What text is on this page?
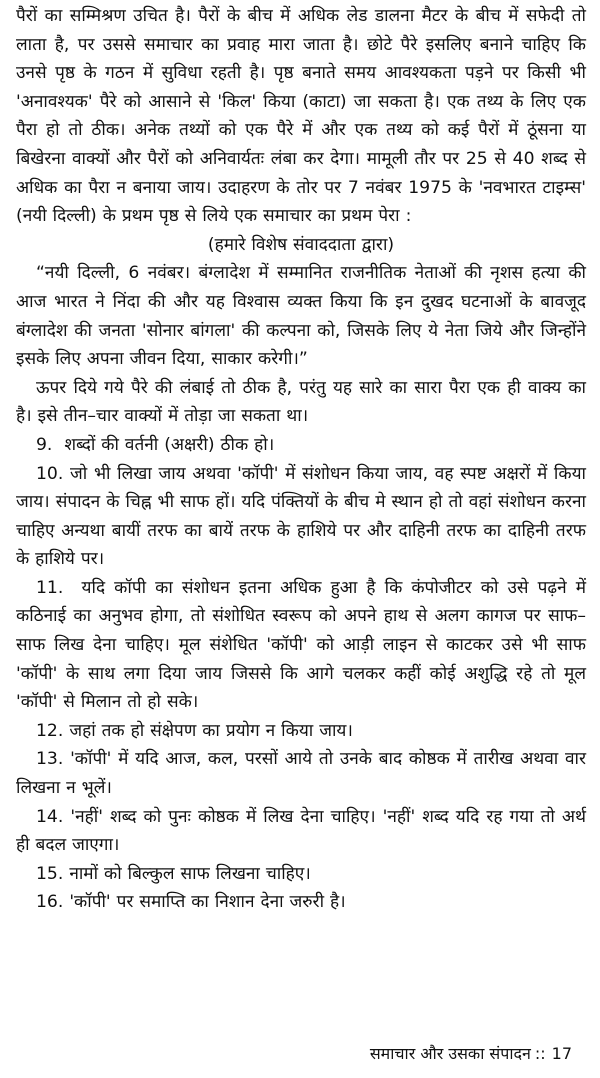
पैरों का सम्मिश्रण उचित है। पैरों के बीच में अधिक लेड डालना मैटर के बीच में सफेदी तो लाता है, पर उससे समाचार का प्रवाह मारा जाता है। छोटे पैरे इसलिए बनाने चाहिए कि उनसे पृष्ठ के गठन में सुविधा रहती है। पृष्ठ बनाते समय आवश्यकता पड़ने पर किसी भी 'अनावश्यक' पैरे को आसाने से 'किल' किया (काटा) जा सकता है। एक तथ्य के लिए एक पैरा हो तो ठीक। अनेक तथ्यों को एक पैरे में और एक तथ्य को कई पैरों में ठूंसना या बिखेरना वाक्यों और पैरों को अनिवार्यतः लंबा कर देगा। मामूली तौर पर 25 से 40 शब्द से अधिक का पैरा न बनाया जाय। उदाहरण के तोर पर 7 नवंबर 1975 के 'नवभारत टाइम्स' (नयी दिल्ली) के प्रथम पृष्ठ से लिये एक समाचार का प्रथम पेरा :

(हमारे विशेष संवाददाता द्वारा)

“नयी दिल्ली, 6 नवंबर। बंग्लादेश में सम्मानित राजनीतिक नेताओं की नृशस हत्या की आज भारत ने निंदा की और यह विश्वास व्यक्त किया कि इन दुखद घटनाओं के बावजूद बंग्लादेश की जनता 'सोनार बांगला' की कल्पना को, जिसके लिए ये नेता जिये और जिन्होंने इसके लिए अपना जीवन दिया, साकार करेगी।”

ऊपर दिये गये पैरे की लंबाई तो ठीक है, परंतु यह सारे का सारा पैरा एक ही वाक्य का है। इसे तीन–चार वाक्यों में तोड़ा जा सकता था।

9. शब्दों की वर्तनी (अक्षरी) ठीक हो।

10. जो भी लिखा जाय अथवा 'कॉपी' में संशोधन किया जाय, वह स्पष्ट अक्षरों में किया जाय। संपादन के चिह्न भी साफ हों। यदि पंक्तियों के बीच मे स्थान हो तो वहां संशोधन करना चाहिए अन्यथा बायीं तरफ का बायें तरफ के हाशिये पर और दाहिनी तरफ का दाहिनी तरफ के हाशिये पर।

11. यदि कॉपी का संशोधन इतना अधिक हुआ है कि कंपोजीटर को उसे पढ़ने में कठिनाई का अनुभव होगा, तो संशोधित स्वरूप को अपने हाथ से अलग कागज पर साफ–साफ लिख देना चाहिए। मूल संशेधित 'कॉपी' को आड़ी लाइन से काटकर उसे भी साफ 'कॉपी' के साथ लगा दिया जाय जिससे कि आगे चलकर कहीं कोई अशुद्धि रहे तो मूल 'कॉपी' से मिलान तो हो सके।

12. जहां तक हो संक्षेपण का प्रयोग न किया जाय।

13. 'कॉपी' में यदि आज, कल, परसों आये तो उनके बाद कोष्ठक में तारीख अथवा वार लिखना न भूलें।

14. 'नहीं' शब्द को पुनः कोष्ठक में लिख देना चाहिए। 'नहीं' शब्द यदि रह गया तो अर्थ ही बदल जाएगा।

15. नामों को बिल्कुल साफ लिखना चाहिए।

16. 'कॉपी' पर समाप्ति का निशान देना जरुरी है।

समाचार और उसका संपादन :: 17
